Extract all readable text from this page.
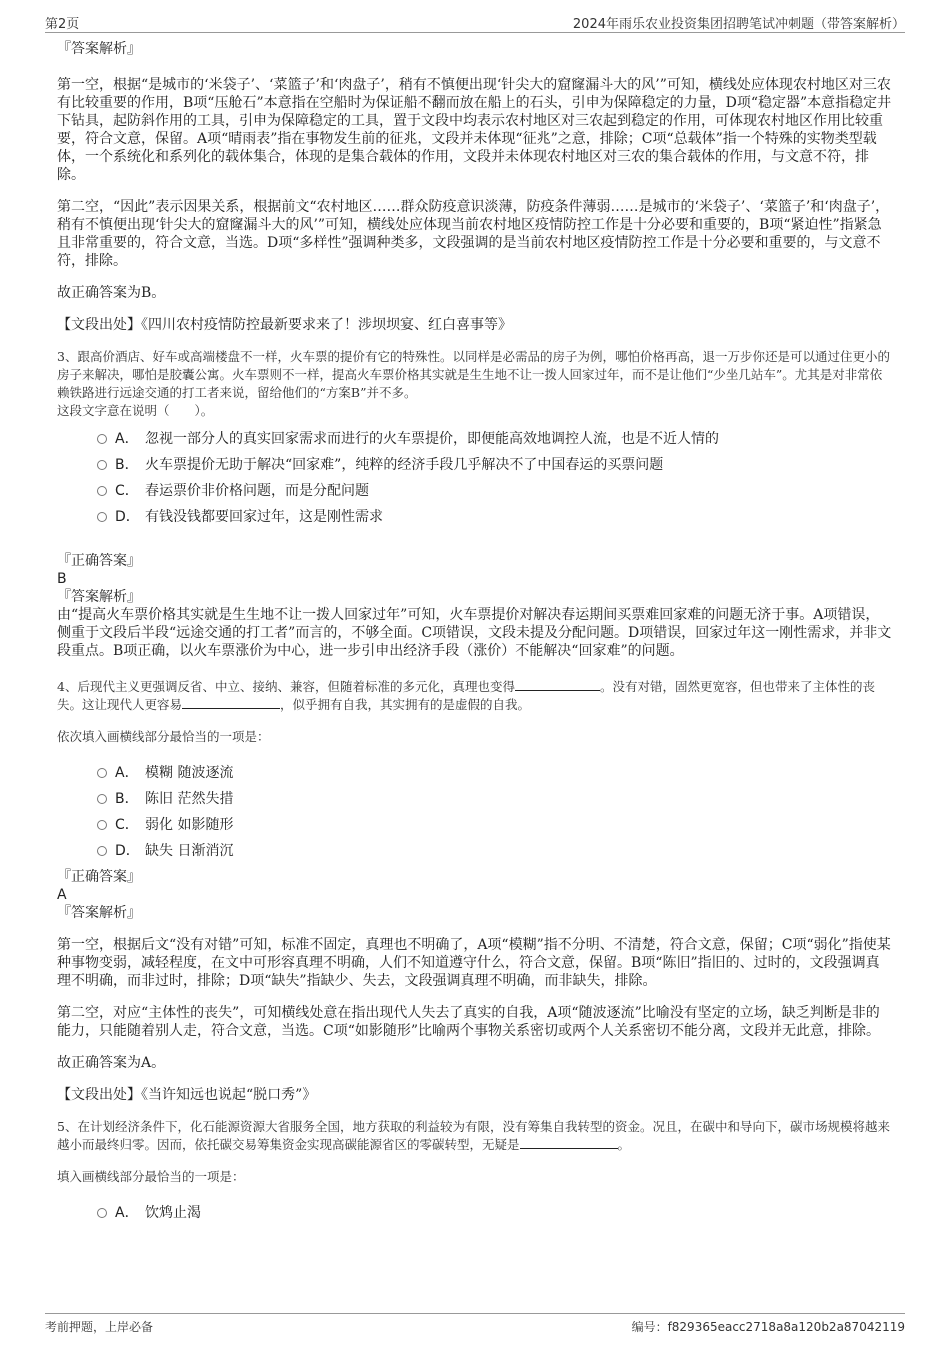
第2页	2024年雨乐农业投资集团招聘笔试冲刺题（带答案解析）

『答案解析』

第一空，根据“是城市的‘米袋子’、‘菜篮子’和‘肉盘子’，稍有不慎便出现‘针尖大的窟窿漏斗大的风’”可知，横线处应体现农村地区对三农有比较重要的作用，B项“压舱石”本意指在空船时为保证船不翻而放在船上的石头，引申为保障稳定的力量，D项“稳定器”本意指稳定井下钻具，起防斜作用的工具，引申为保障稳定的工具，置于文段中均表示农村地区对三农起到稳定的作用，可体现农村地区作用比较重要，符合文意，保留。A项“晴雨表”指在事物发生前的征兆，文段并未体现“征兆”之意，排除；C项“总载体”指一个特殊的实物类型载体，一个系统化和系列化的载体集合，体现的是集合载体的作用，文段并未体现农村地区对三农的集合载体的作用，与文意不符，排除。

第二空，“因此”表示因果关系，根据前文“农村地区……群众防疫意识淡薄，防疫条件薄弱……是城市的‘米袋子’、‘菜篮子’和‘肉盘子’，稍有不慎便出现‘针尖大的窟窿漏斗大的风’”可知，横线处应体现当前农村地区疫情防控工作是十分必要和重要的，B项“紧迫性”指紧急且非常重要的，符合文意，当选。D项“多样性”强调种类多，文段强调的是当前农村地区疫情防控工作是十分必要和重要的，与文意不符，排除。

故正确答案为B。

【文段出处】《四川农村疫情防控最新要求来了！涉坝坝宴、红白喜事等》

3、跟高价酒店、好车或高端楼盘不一样，火车票的提价有它的特殊性。以同样是必需品的房子为例，哪怕价格再高，退一万步你还是可以通过住更小的房子来解决，哪怕是胶囊公寓。火车票则不一样，提高火车票价格其实就是生生地不让一拨人回家过年，而不是让他们“少坐几站车”。尤其是对非常依赖铁路进行远途交通的打工者来说，留给他们的“方案B”并不多。

这段文字意在说明（　　）。

A． 忽视一部分人的真实回家需求而进行的火车票提价，即便能高效地调控人流，也是不近人情的
B． 火车票提价无助于解决“回家难”，纯粹的经济手段几乎解决不了中国春运的买票问题
C． 春运票价非价格问题，而是分配问题
D． 有钱没钱都要回家过年，这是刚性需求

『正确答案』

B

『答案解析』

由“提高火车票价格其实就是生生地不让一拨人回家过年”可知，火车票提价对解决春运期间买票难回家难的问题无济于事。A项错误，侧重于文段后半段“远途交通的打工者”而言的，不够全面。C项错误，文段未提及分配问题。D项错误，回家过年这一刚性需求，并非文段重点。B项正确，以火车票涨价为中心，进一步引申出经济手段（涨价）不能解决“回家难”的问题。

4、后现代主义更强调反省、中立、接纳、兼容，但随着标准的多元化，真理也变得	。没有对错，固然更宽容，但也带来了主体性的丧失。这让现代人更容易	，似乎拥有自我，其实拥有的是虚假的自我。

依次填入画横线部分最恰当的一项是：

A． 模糊 随波逐流
B． 陈旧 茫然失措
C． 弱化 如影随形
D． 缺失 日渐消沉

『正确答案』

A

『答案解析』

第一空，根据后文“没有对错”可知，标准不固定，真理也不明确了，A项“模糊”指不分明、不清楚，符合文意，保留；C项“弱化”指使某种事物变弱，减轻程度，在文中可形容真理不明确，人们不知道遵守什么，符合文意，保留。B项“陈旧”指旧的、过时的，文段强调真理不明确，而非过时，排除；D项“缺失”指缺少、失去，文段强调真理不明确，而非缺失，排除。

第二空，对应“主体性的丧失”，可知横线处意在指出现代人失去了真实的自我，A项“随波逐流”比喻没有坚定的立场，缺乏判断是非的能力，只能随着别人走，符合文意，当选。C项“如影随形”比喻两个事物关系密切或两个人关系密切不能分离，文段并无此意，排除。

故正确答案为A。

【文段出处】《当许知远也说起“脱口秀”》

5、在计划经济条件下，化石能源资源大省服务全国，地方获取的利益较为有限，没有筹集自我转型的资金。况且，在碳中和导向下，碳市场规模将越来越小而最终归零。因而，依托碳交易筹集资金实现高碳能源省区的零碳转型，无疑是	。

填入画横线部分最恰当的一项是：

A． 饮鸩止渴
考前押题，上岸必备	编号：f829365eacc2718a8a120b2a87042119
